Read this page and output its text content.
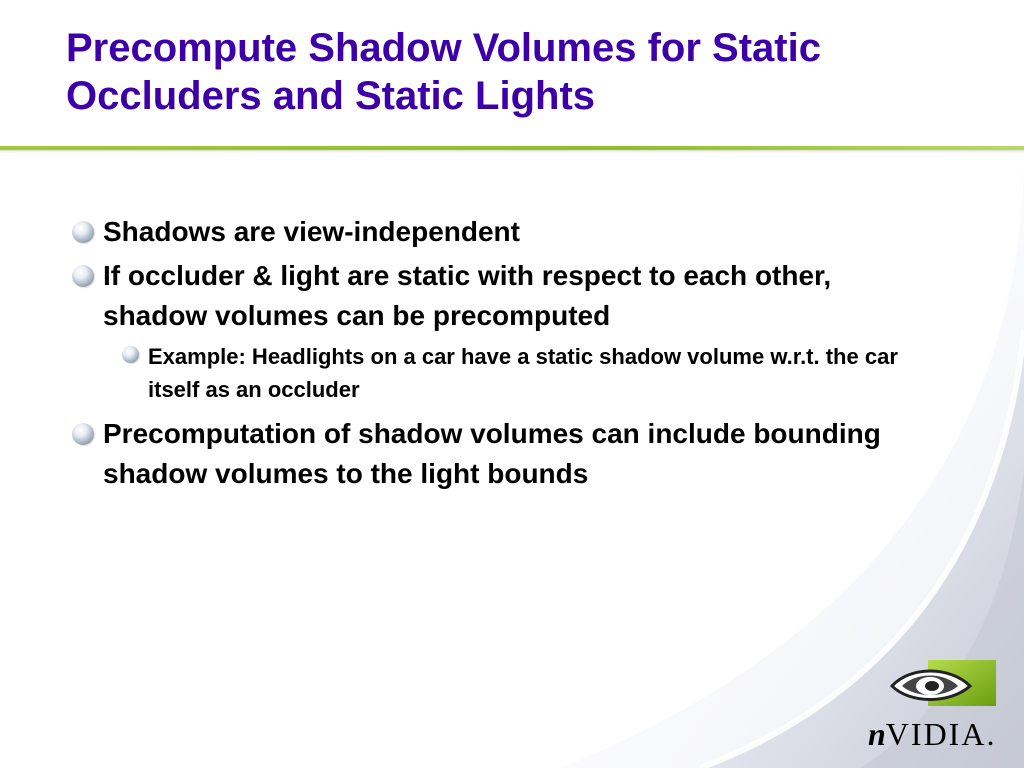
Precompute Shadow Volumes for Static Occluders and Static Lights
Shadows are view-independent
If occluder & light are static with respect to each other, shadow volumes can be precomputed
Example: Headlights on a car have a static shadow volume w.r.t. the car itself as an occluder
Precomputation of shadow volumes can include bounding shadow volumes to the light bounds
nVIDIA.
